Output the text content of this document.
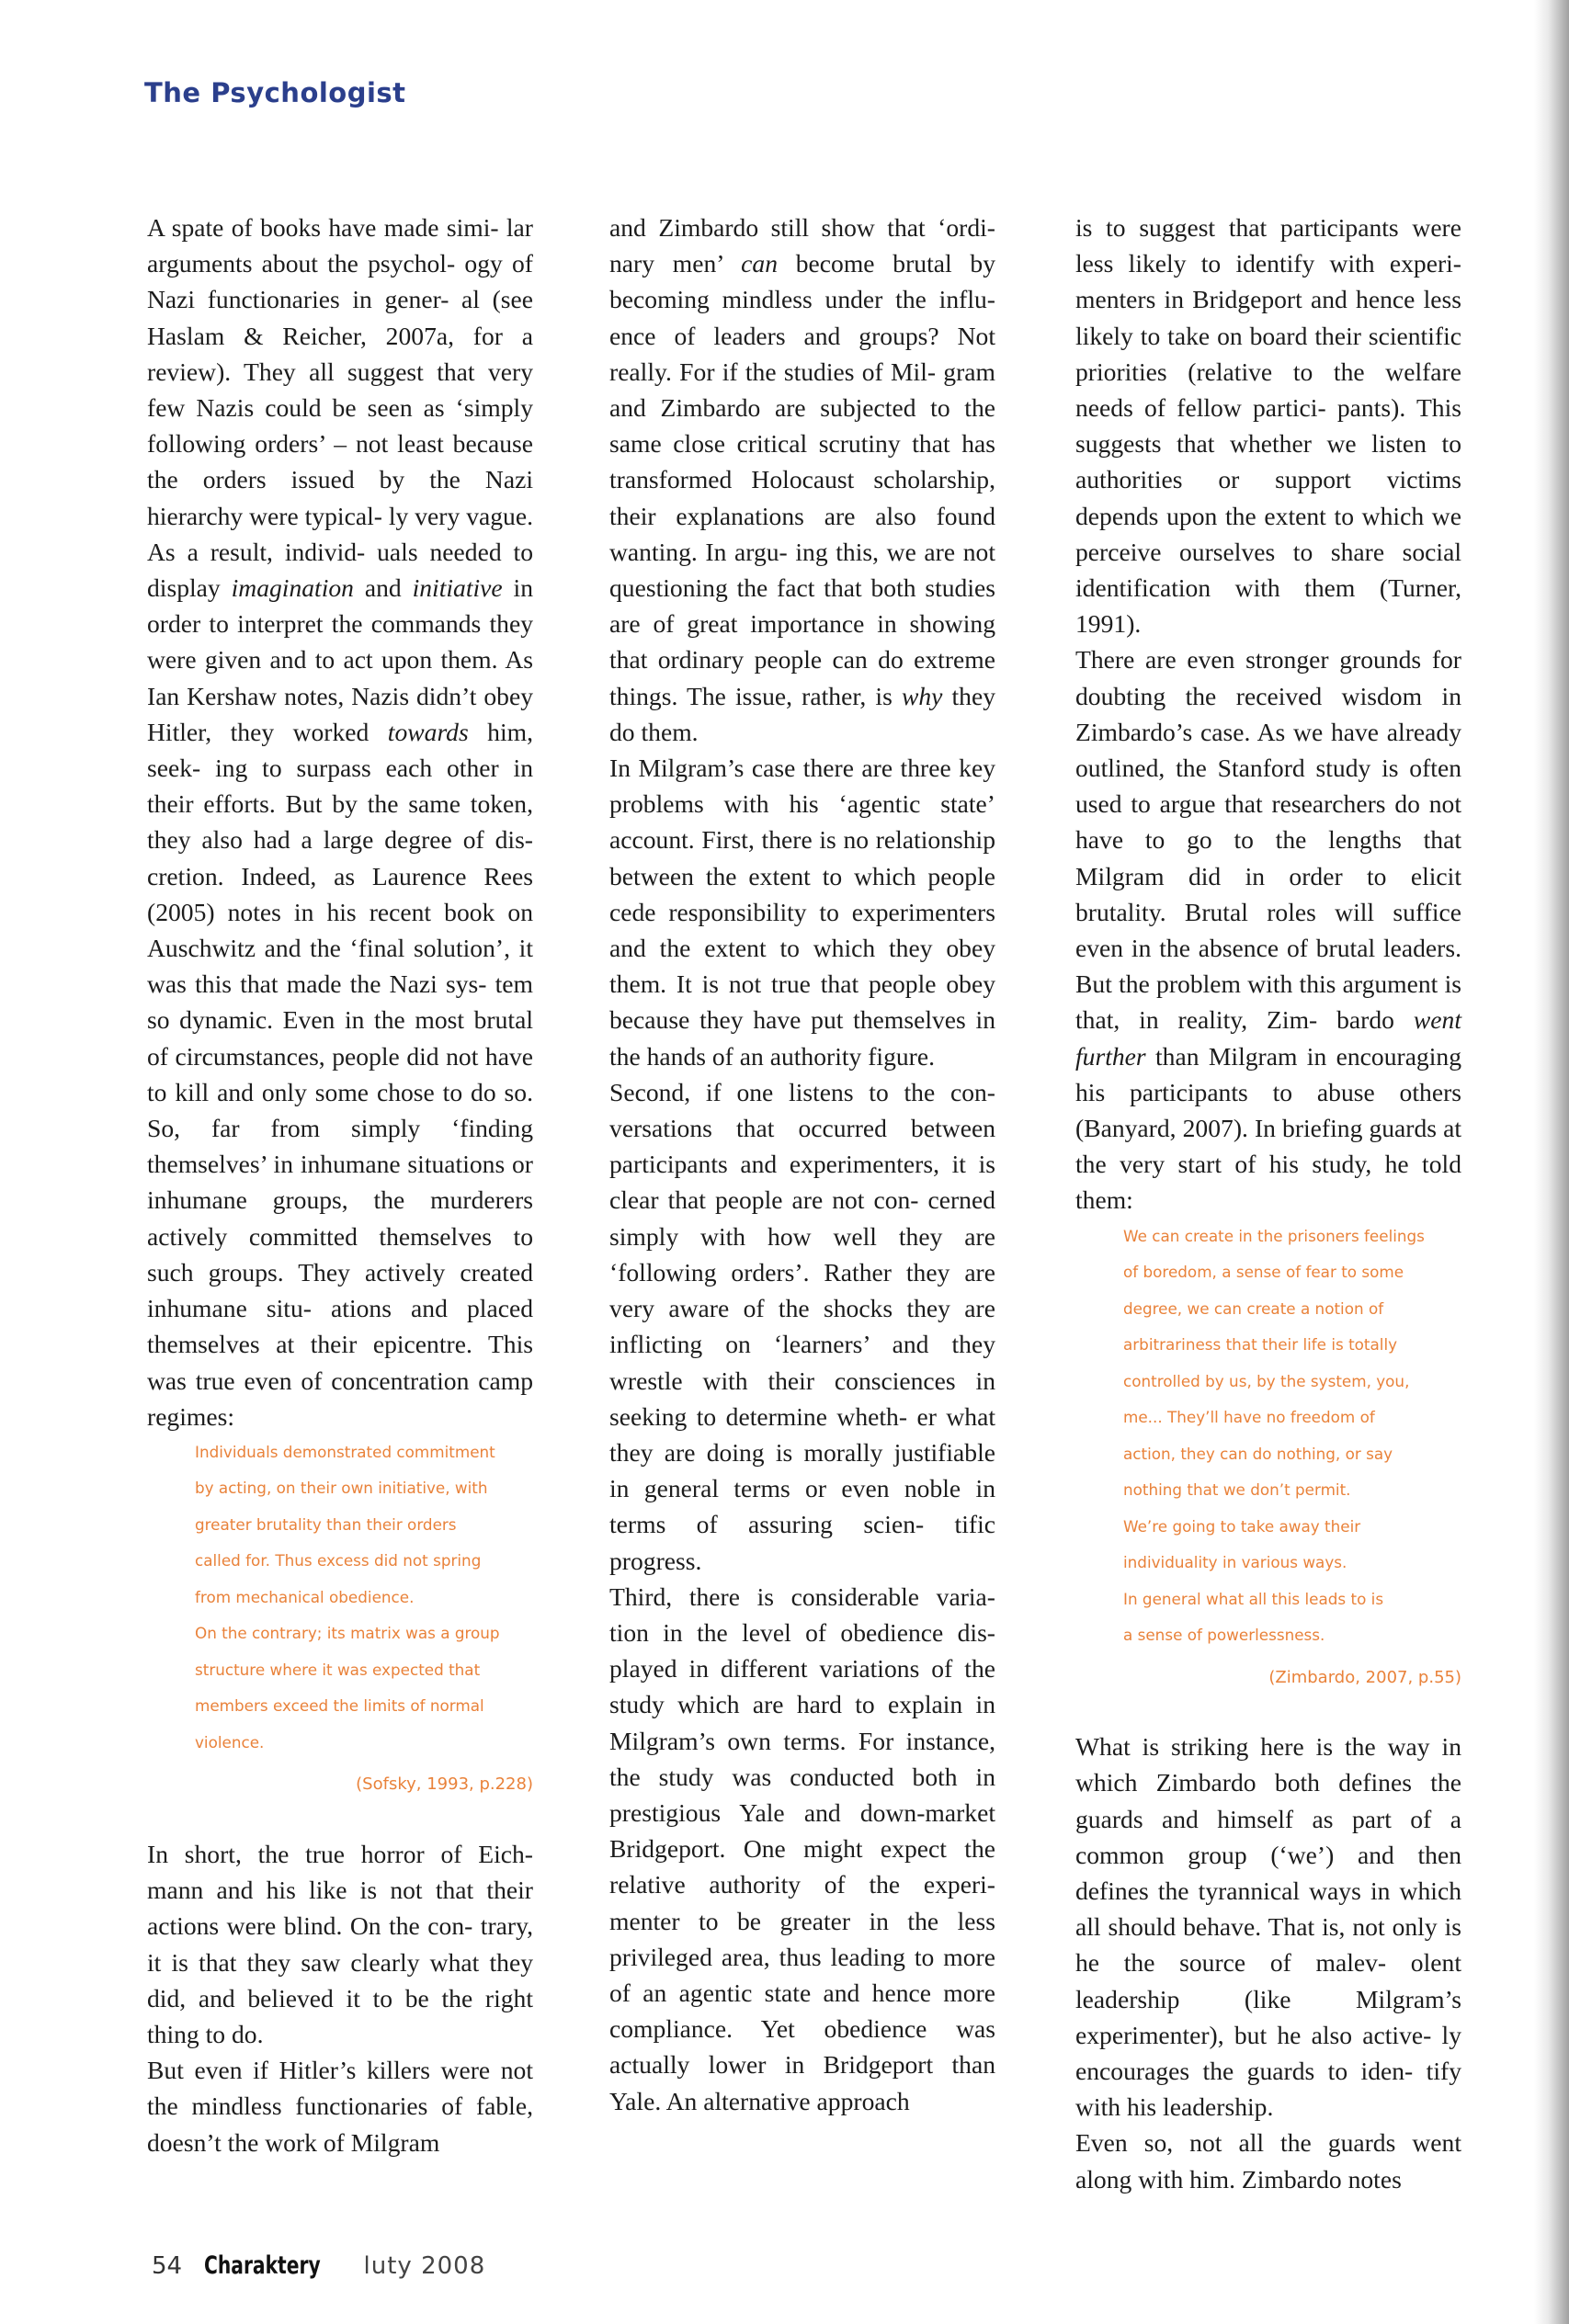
The Psychologist

A spate of books have made simi- lar arguments about the psychol- ogy of Nazi functionaries in gener- al (see Haslam & Reicher, 2007a, for a review). They all suggest that very few Nazis could be seen as ‘simply following orders’ – not least because the orders issued by the Nazi hierarchy were typical- ly very vague. As a result, individ- uals needed to display imagination and initiative in order to interpret the commands they were given and to act upon them. As Ian Kershaw notes, Nazis didn’t obey Hitler, they worked towards him, seek- ing to surpass each other in their efforts. But by the same token, they also had a large degree of dis- cretion. Indeed, as Laurence Rees (2005) notes in his recent book on Auschwitz and the ‘final solution’, it was this that made the Nazi sys- tem so dynamic. Even in the most brutal of circumstances, people did not have to kill and only some chose to do so. So, far from simply ‘finding themselves’ in inhumane situations or inhumane groups, the murderers actively committed themselves to such groups. They actively created inhumane situ- ations and placed themselves at their epicentre. This was true even of concentration camp regimes:

Individuals demonstrated commitment
by acting, on their own initiative, with
greater brutality than their orders
called for. Thus excess did not spring
from mechanical obedience.
On the contrary; its matrix was a group
structure where it was expected that
members exceed the limits of normal
violence.
(Sofsky, 1993, p.228)

In short, the true horror of Eich- mann and his like is not that their actions were blind. On the con- trary, it is that they saw clearly what they did, and believed it to be the right thing to do.

But even if Hitler’s killers were not the mindless functionaries of fable, doesn’t the work of Milgram

and Zimbardo still show that ‘ordi- nary men’ can become brutal by becoming mindless under the influ- ence of leaders and groups? Not really. For if the studies of Mil- gram and Zimbardo are subjected to the same close critical scrutiny that has transformed Holocaust scholarship, their explanations are also found wanting. In argu- ing this, we are not questioning the fact that both studies are of great importance in showing that ordinary people can do extreme things. The issue, rather, is why they do them.

In Milgram’s case there are three key problems with his ‘agentic state’ account. First, there is no relationship between the extent to which people cede responsibility to experimenters and the extent to which they obey them. It is not true that people obey because they have put themselves in the hands of an authority figure.

Second, if one listens to the con- versations that occurred between participants and experimenters, it is clear that people are not con- cerned simply with how well they are ‘following orders’. Rather they are very aware of the shocks they are inflicting on ‘learners’ and they wrestle with their consciences in seeking to determine wheth- er what they are doing is morally justifiable in general terms or even noble in terms of assuring scien- tific progress.

Third, there is considerable varia- tion in the level of obedience dis- played in different variations of the study which are hard to explain in Milgram’s own terms. For instance, the study was conducted both in prestigious Yale and down-market Bridgeport. One might expect the relative authority of the experi- menter to be greater in the less privileged area, thus leading to more of an agentic state and hence more compliance. Yet obedience was actually lower in Bridgeport than Yale. An alternative approach

is to suggest that participants were less likely to identify with experi- menters in Bridgeport and hence less likely to take on board their scientific priorities (relative to the welfare needs of fellow partici- pants). This suggests that whether we listen to authorities or support victims depends upon the extent to which we perceive ourselves to share social identification with them (Turner, 1991).

There are even stronger grounds for doubting the received wisdom in Zimbardo’s case. As we have already outlined, the Stanford study is often used to argue that researchers do not have to go to the lengths that Milgram did in order to elicit brutality. Brutal roles will suffice even in the absence of brutal leaders. But the problem with this argument is that, in reality, Zim- bardo went further than Milgram in encouraging his participants to abuse others (Banyard, 2007). In briefing guards at the very start of his study, he told them:

We can create in the prisoners feelings
of boredom, a sense of fear to some
degree, we can create a notion of
arbitrariness that their life is totally
controlled by us, by the system, you,
me... They’ll have no freedom of
action, they can do nothing, or say
nothing that we don’t permit.
We’re going to take away their
individuality in various ways.
In general what all this leads to is
a sense of powerlessness.
(Zimbardo, 2007, p.55)

What is striking here is the way in which Zimbardo both defines the guards and himself as part of a common group (‘we’) and then defines the tyrannical ways in which all should behave. That is, not only is he the source of malev- olent leadership (like Milgram’s experimenter), but he also active- ly encourages the guards to iden- tify with his leadership.

Even so, not all the guards went along with him. Zimbardo notes

54 Charaktery luty 2008
